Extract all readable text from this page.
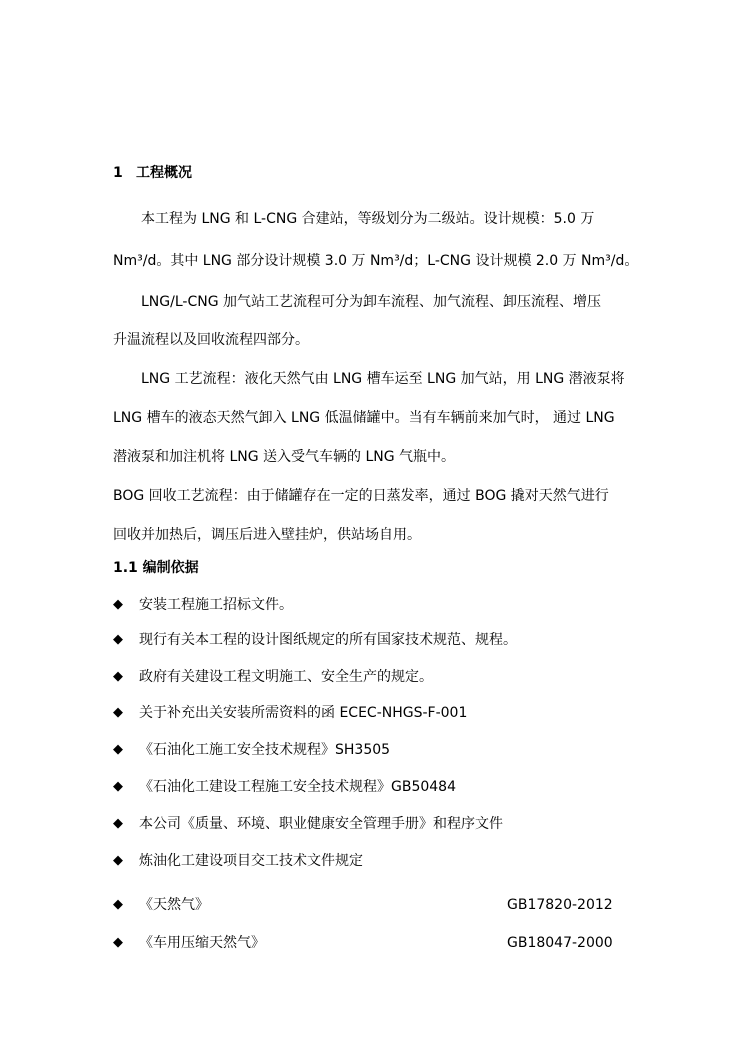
1 工程概况
本工程为 LNG 和 L-CNG 合建站，等级划分为二级站。设计规模：5.0 万
Nm³/d。其中 LNG 部分设计规模 3.0 万 Nm³/d；L-CNG 设计规模 2.0 万 Nm³/d。
LNG/L-CNG 加气站工艺流程可分为卸车流程、加气流程、卸压流程、增压
升温流程以及回收流程四部分。
LNG 工艺流程：液化天然气由 LNG 槽车运至 LNG 加气站，用 LNG 潜液泵将
LNG 槽车的液态天然气卸入 LNG 低温储罐中。当有车辆前来加气时， 通过 LNG
潜液泵和加注机将 LNG 送入受气车辆的 LNG 气瓶中。
BOG 回收工艺流程：由于储罐存在一定的日蒸发率，通过 BOG 撬对天然气进行
回收并加热后，调压后进入壁挂炉，供站场自用。
1.1 编制依据
◆ 安装工程施工招标文件。
◆ 现行有关本工程的设计图纸规定的所有国家技术规范、规程。
◆ 政府有关建设工程文明施工、安全生产的规定。
◆ 关于补充出关安装所需资料的函 ECEC-NHGS-F-001
◆ 《石油化工施工安全技术规程》SH3505
◆ 《石油化工建设工程施工安全技术规程》GB50484
◆ 本公司《质量、环境、职业健康安全管理手册》和程序文件
◆ 炼油化工建设项目交工技术文件规定
◆ 《天然气》	GB17820-2012
◆ 《车用压缩天然气》	GB18047-2000
